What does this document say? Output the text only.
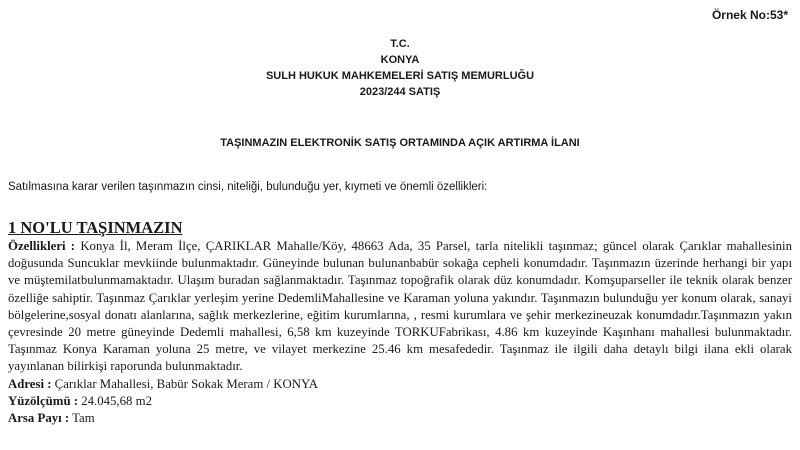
Örnek No:53*
T.C.
KONYA
SULH HUKUK MAHKEMELERİ SATIŞ MEMURLUĞU
2023/244 SATIŞ
TAŞINMAZIN ELEKTRONİK SATIŞ ORTAMINDA AÇIK ARTIRMA İLANI
Satılmasına karar verilen taşınmazın cinsi, niteliği, bulunduğu yer, kıymeti ve önemli özellikleri:

1 NO'LU TAŞINMAZIN

Özellikleri : Konya İl, Meram İlçe, ÇARIKLAR Mahalle/Köy, 48663 Ada, 35 Parsel, tarla nitelikli taşınmaz; güncel olarak Çarıklar mahallesinin doğusunda Suncuklar mevkiinde bulunmaktadır. Güneyinde bulunan bulunanbabür sokağa cepheli konumdadır. Taşınmazın üzerinde herhangi bir yapı ve müştemilatbulunmamaktadır. Ulaşım buradan sağlanmaktadır. Taşınmaz topoğrafik olarak düz konumdadır. Komşuparseller ile teknik olarak benzer özelliğe sahiptir. Taşınmaz Çarıklar yerleşim yerine DedemliMahallesine ve Karaman yoluna yakındır. Taşınmazın bulunduğu yer konum olarak, sanayi bölgelerine,sosyal donatı alanlarına, sağlık merkezlerine, eğitim kurumlarına, , resmi kurumlara ve şehir merkezineuzak konumdadır.Taşınmazın yakın çevresinde 20 metre güneyinde Dedemli mahallesi, 6,58 km kuzeyinde TORKUFabrikası, 4.86 km kuzeyinde Kaşınhanı mahallesi bulunmaktadır. Taşınmaz Konya Karaman yoluna 25 metre, ve vilayet merkezine 25.46 km mesafededir. Taşınmaz ile ilgili daha detaylı bilgi ilana ekli olarak yayınlanan bilirkişi raporunda bulunmaktadır.

Adresi : Çarıklar Mahallesi, Babür Sokak Meram / KONYA

Yüzölçümü : 24.045,68 m2

Arsa Payı : Tam
